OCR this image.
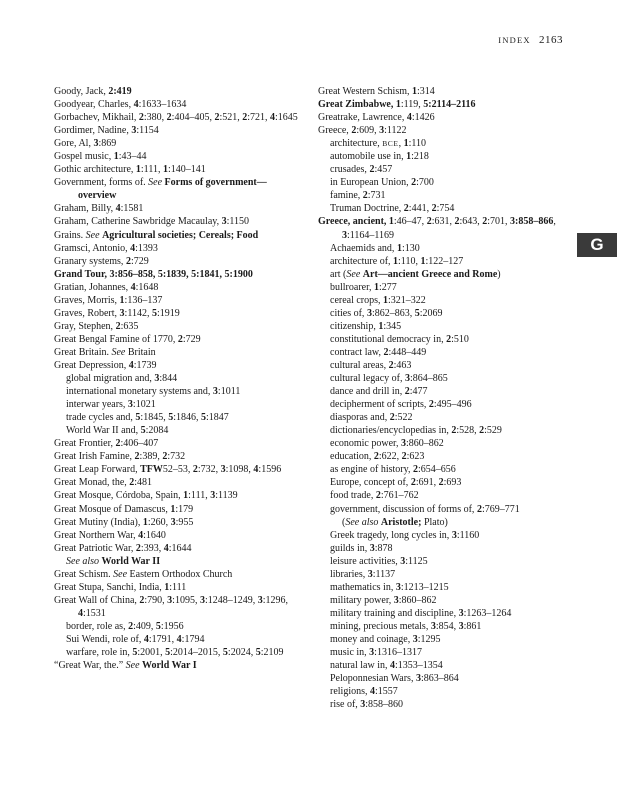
INDEX 2163
G
Goody, Jack, 2:419
Goodyear, Charles, 4:1633–1634
Gorbachev, Mikhail, 2:380, 2:404–405, 2:521, 2:721, 4:1645
Gordimer, Nadine, 3:1154
Gore, Al, 3:869
Gospel music, 1:43–44
Gothic architecture, 1:111, 1:140–141
Government, forms of. See Forms of government—overview
Graham, Billy, 4:1581
Graham, Catherine Sawbridge Macaulay, 3:1150
Grains. See Agricultural societies; Cereals; Food
Gramsci, Antonio, 4:1393
Granary systems, 2:729
Grand Tour, 3:856–858, 5:1839, 5:1841, 5:1900
Gratian, Johannes, 4:1648
Graves, Morris, 1:136–137
Graves, Robert, 3:1142, 5:1919
Gray, Stephen, 2:635
Great Bengal Famine of 1770, 2:729
Great Britain. See Britain
Great Depression, 4:1739
global migration and, 3:844
international monetary systems and, 3:1011
interwar years, 3:1021
trade cycles and, 5:1845, 5:1846, 5:1847
World War II and, 5:2084
Great Frontier, 2:406–407
Great Irish Famine, 2:389, 2:732
Great Leap Forward, TFW52–53, 2:732, 3:1098, 4:1596
Great Monad, the, 2:481
Great Mosque, Córdoba, Spain, 1:111, 3:1139
Great Mosque of Damascus, 1:179
Great Mutiny (India), 1:260, 3:955
Great Northern War, 4:1640
Great Patriotic War, 2:393, 4:1644
See also World War II
Great Schism. See Eastern Orthodox Church
Great Stupa, Sanchi, India, 1:111
Great Wall of China, 2:790, 3:1095, 3:1248–1249, 3:1296, 4:1531
border, role as, 2:409, 5:1956
Sui Wendi, role of, 4:1791, 4:1794
warfare, role in, 5:2001, 5:2014–2015, 5:2024, 5:2109
“Great War, the.” See World War I
Great Western Schism, 1:314
Great Zimbabwe, 1:119, 5:2114–2116
Greatrake, Lawrence, 4:1426
Greece, 2:609, 3:1122
architecture, BCE, 1:110
automobile use in, 1:218
crusades, 2:457
in European Union, 2:700
famine, 2:731
Truman Doctrine, 2:441, 2:754
Greece, ancient, 1:46–47, 2:631, 2:643, 2:701, 3:858–866, 3:1164–1169
Achaemids and, 1:130
architecture of, 1:110, 1:122–127
art (See Art—ancient Greece and Rome)
bullroarer, 1:277
cereal crops, 1:321–322
cities of, 3:862–863, 5:2069
citizenship, 1:345
constitutional democracy in, 2:510
contract law, 2:448–449
cultural areas, 2:463
cultural legacy of, 3:864–865
dance and drill in, 2:477
decipherment of scripts, 2:495–496
diasporas and, 2:522
dictionaries/encyclopedias in, 2:528, 2:529
economic power, 3:860–862
education, 2:622, 2:623
as engine of history, 2:654–656
Europe, concept of, 2:691, 2:693
food trade, 2:761–762
government, discussion of forms of, 2:769–771
(See also Aristotle; Plato)
Greek tragedy, long cycles in, 3:1160
guilds in, 3:878
leisure activities, 3:1125
libraries, 3:1137
mathematics in, 3:1213–1215
military power, 3:860–862
military training and discipline, 3:1263–1264
mining, precious metals, 3:854, 3:861
money and coinage, 3:1295
music in, 3:1316–1317
natural law in, 4:1353–1354
Peloponnesian Wars, 3:863–864
religions, 4:1557
rise of, 3:858–860
